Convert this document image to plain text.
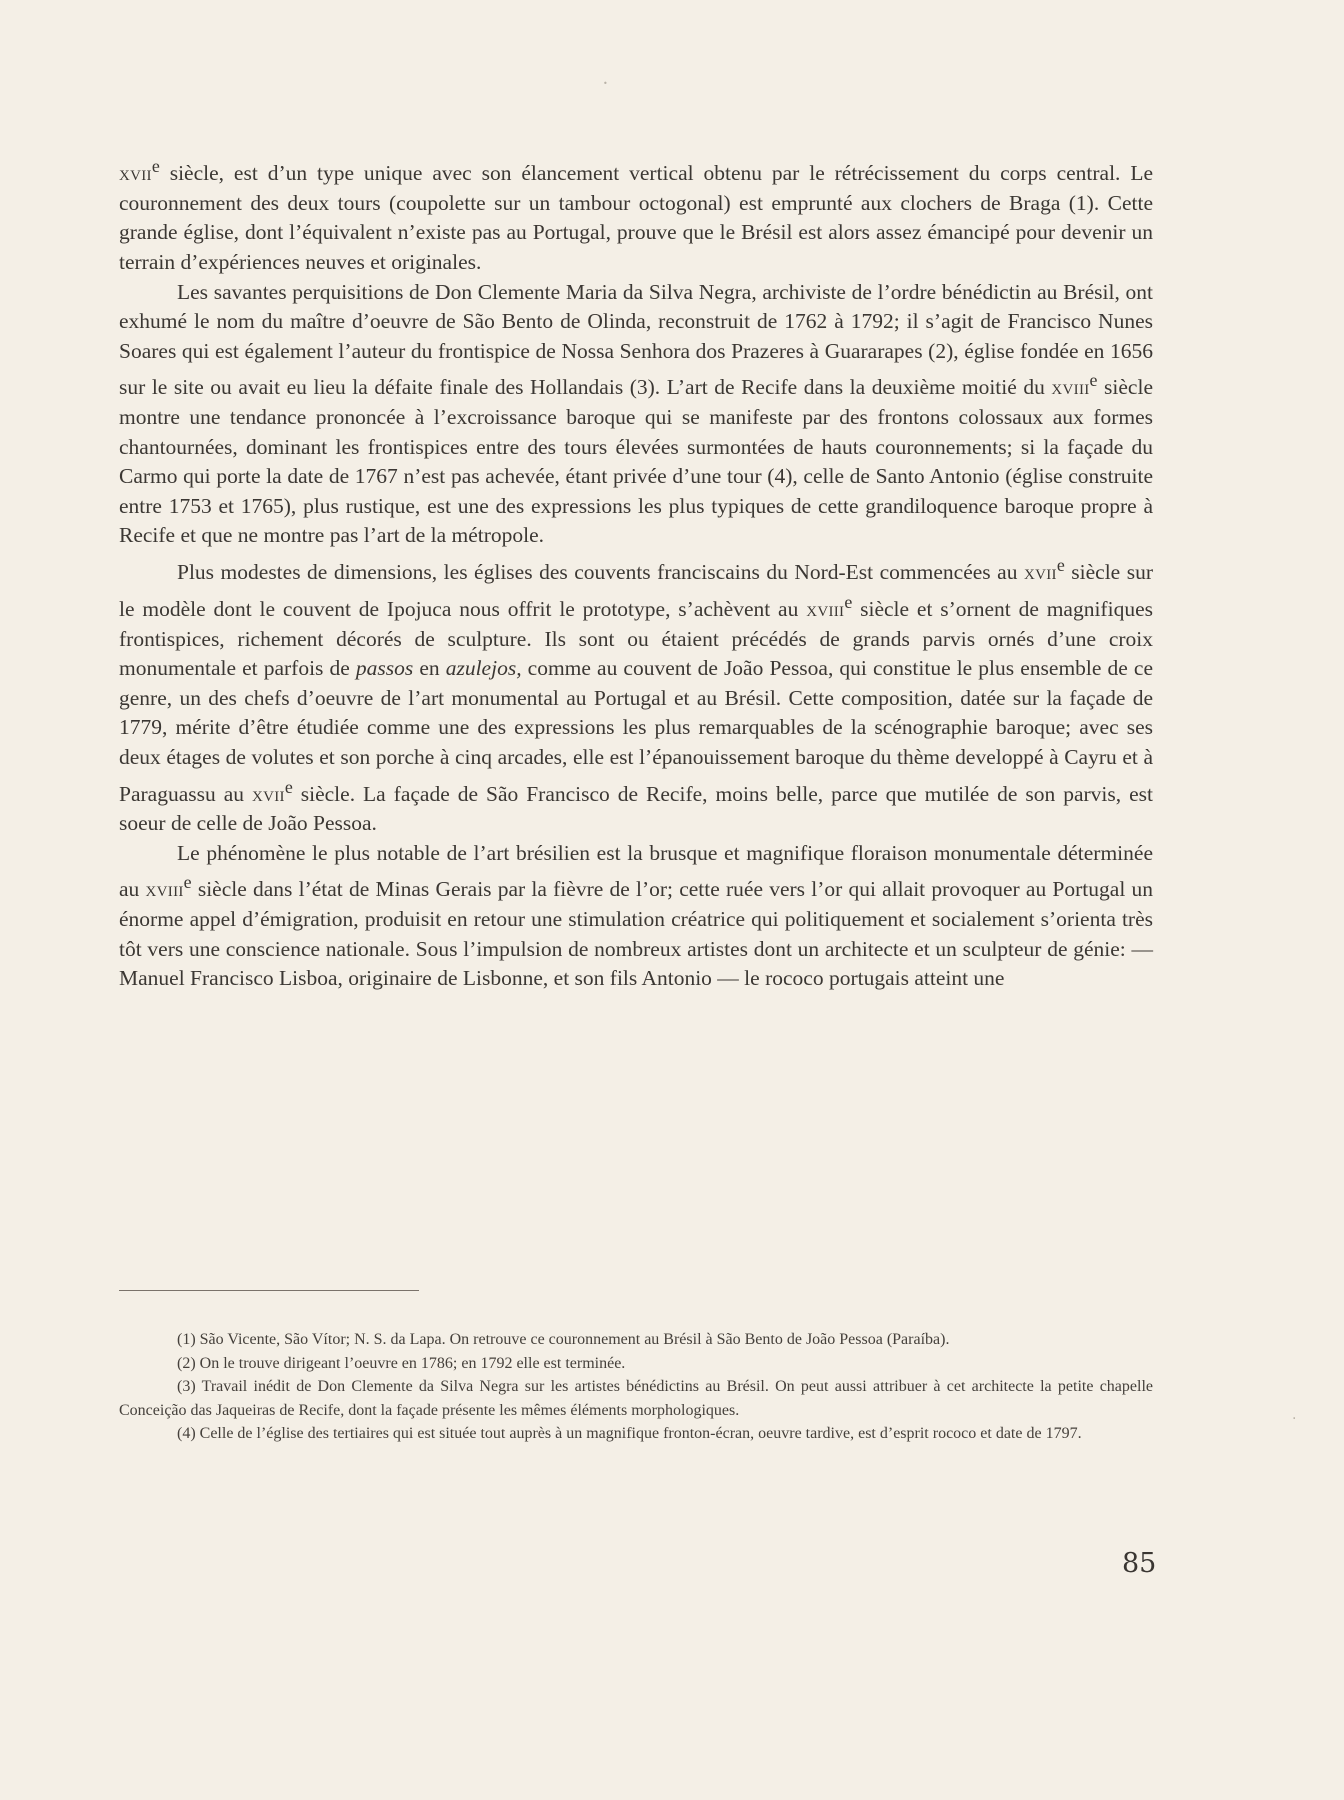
•
·

xvii$^e$ siècle, est d’un type unique avec son élancement vertical obtenu par le rétrécissement du corps central. Le couronnement des deux tours (coupolette sur un tambour octogonal) est emprunté aux clochers de Braga (1). Cette grande église, dont l’équivalent n’existe pas au Portugal, prouve que le Brésil est alors assez émancipé pour devenir un terrain d’expériences neuves et originales.

Les savantes perquisitions de Don Clemente Maria da Silva Negra, archiviste de l’ordre bénédictin au Brésil, ont exhumé le nom du maître d’oeuvre de São Bento de Olinda, reconstruit de 1762 à 1792; il s’agit de Francisco Nunes Soares qui est également l’auteur du frontispice de Nossa Senhora dos Prazeres à Guararapes (2), église fondée en 1656 sur le site ou avait eu lieu la défaite finale des Hollandais (3). L’art de Recife dans la deuxième moitié du xviii$^e$ siècle montre une tendance prononcée à l’excroissance baroque qui se manifeste par des frontons colossaux aux formes chantournées, dominant les frontispices entre des tours élevées surmontées de hauts couronnements; si la façade du Carmo qui porte la date de 1767 n’est pas achevée, étant privée d’une tour (4), celle de Santo Antonio (église construite entre 1753 et 1765), plus rustique, est une des expressions les plus typiques de cette grandiloquence baroque propre à Recife et que ne montre pas l’art de la métropole.

Plus modestes de dimensions, les églises des couvents franciscains du Nord-Est commencées au xvii$^e$ siècle sur le modèle dont le couvent de Ipojuca nous offrit le prototype, s’achèvent au xviii$^e$ siècle et s’ornent de magnifiques frontispices, richement décorés de sculpture. Ils sont ou étaient précédés de grands parvis ornés d’une croix monumentale et parfois de passos en azulejos, comme au couvent de João Pessoa, qui constitue le plus ensemble de ce genre, un des chefs d’oeuvre de l’art monumental au Portugal et au Brésil. Cette composition, datée sur la façade de 1779, mérite d’être étudiée comme une des expressions les plus remarquables de la scénographie baroque; avec ses deux étages de volutes et son porche à cinq arcades, elle est l’épanouissement baroque du thème developpé à Cayru et à Paraguassu au xvii$^e$ siècle. La façade de São Francisco de Recife, moins belle, parce que mutilée de son parvis, est soeur de celle de João Pessoa.

Le phénomène le plus notable de l’art brésilien est la brusque et magnifique floraison monumentale déterminée au xviii$^e$ siècle dans l’état de Minas Gerais par la fièvre de l’or; cette ruée vers l’or qui allait provoquer au Portugal un énorme appel d’émigration, produisit en retour une stimulation créatrice qui politiquement et socialement s’orienta très tôt vers une conscience nationale. Sous l’impulsion de nombreux artistes dont un architecte et un sculpteur de génie: — Manuel Francisco Lisboa, originaire de Lisbonne, et son fils Antonio — le rococo portugais atteint une

(1) São Vicente, São Vítor; N. S. da Lapa. On retrouve ce couronnement au Brésil à São Bento de João Pessoa (Paraíba).

(2) On le trouve dirigeant l’oeuvre en 1786; en 1792 elle est terminée.

(3) Travail inédit de Don Clemente da Silva Negra sur les artistes bénédictins au Brésil. On peut aussi attribuer à cet architecte la petite chapelle Conceição das Jaqueiras de Recife, dont la façade présente les mêmes éléments morphologiques.

(4) Celle de l’église des tertiaires qui est située tout auprès à un magnifique fronton-écran, oeuvre tardive, est d’esprit rococo et date de 1797.

85
